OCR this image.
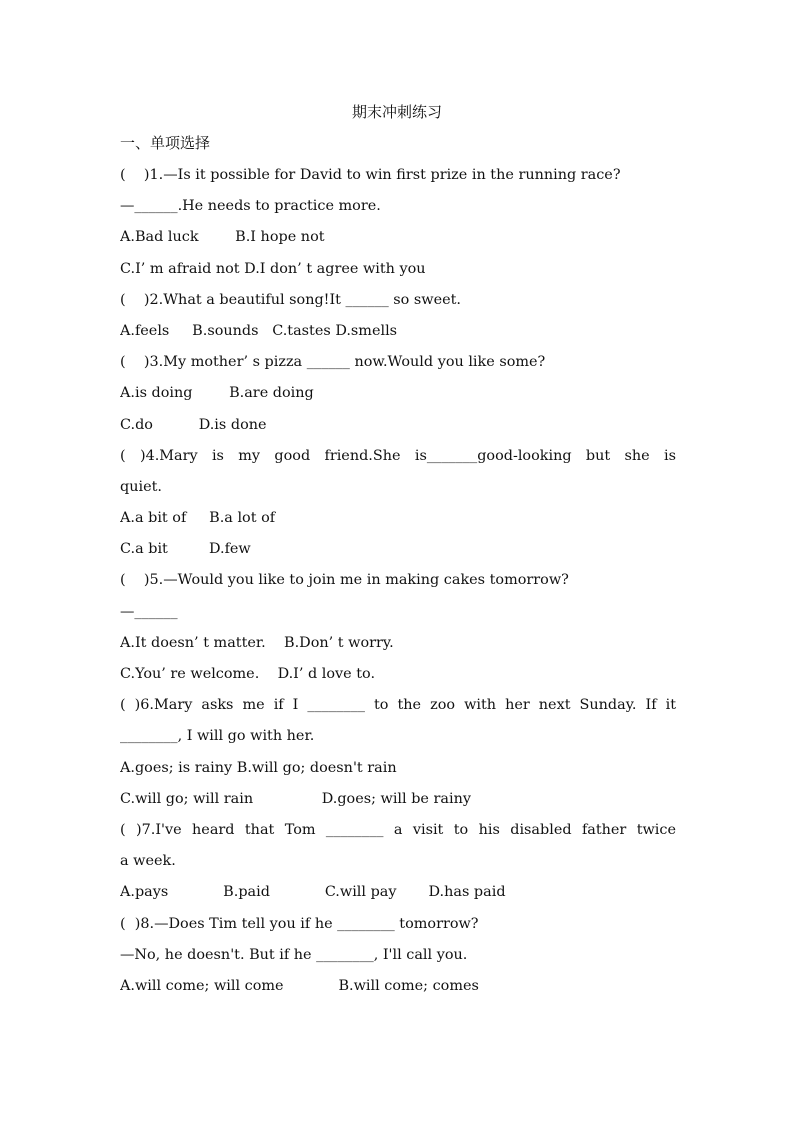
期末冲刺练习
一、单项选择
(    )1.—Is it possible for David to win first prize in the running race?
—______.He needs to practice more.
A.Bad luck        B.I hope not
C.I’ m afraid not D.I don’ t agree with you
(    )2.What a beautiful song!It ______ so sweet.
A.feels     B.sounds   C.tastes D.smells
(    )3.My mother’ s pizza ______ now.Would you like some?
A.is doing        B.are doing
C.do          D.is done
( )4.Mary is my good friend.She is_______good-looking but she is
quiet.
A.a bit of     B.a lot of
C.a bit         D.few
(    )5.—Would you like to join me in making cakes tomorrow?
—______
A.It doesn’ t matter.    B.Don’ t worry.
C.You’ re welcome.    D.I’ d love to.
( )6.Mary asks me if I ________ to the zoo with her next Sunday. If it
________, I will go with her.
A.goes; is rainy B.will go; doesn't rain
C.will go; will rain               D.goes; will be rainy
( )7.I've heard that Tom ________ a visit to his disabled father twice
a week.
A.pays            B.paid            C.will pay       D.has paid
(  )8.—Does Tim tell you if he ________ tomorrow?
—No, he doesn't. But if he ________, I'll call you.
A.will come; will come            B.will come; comes
